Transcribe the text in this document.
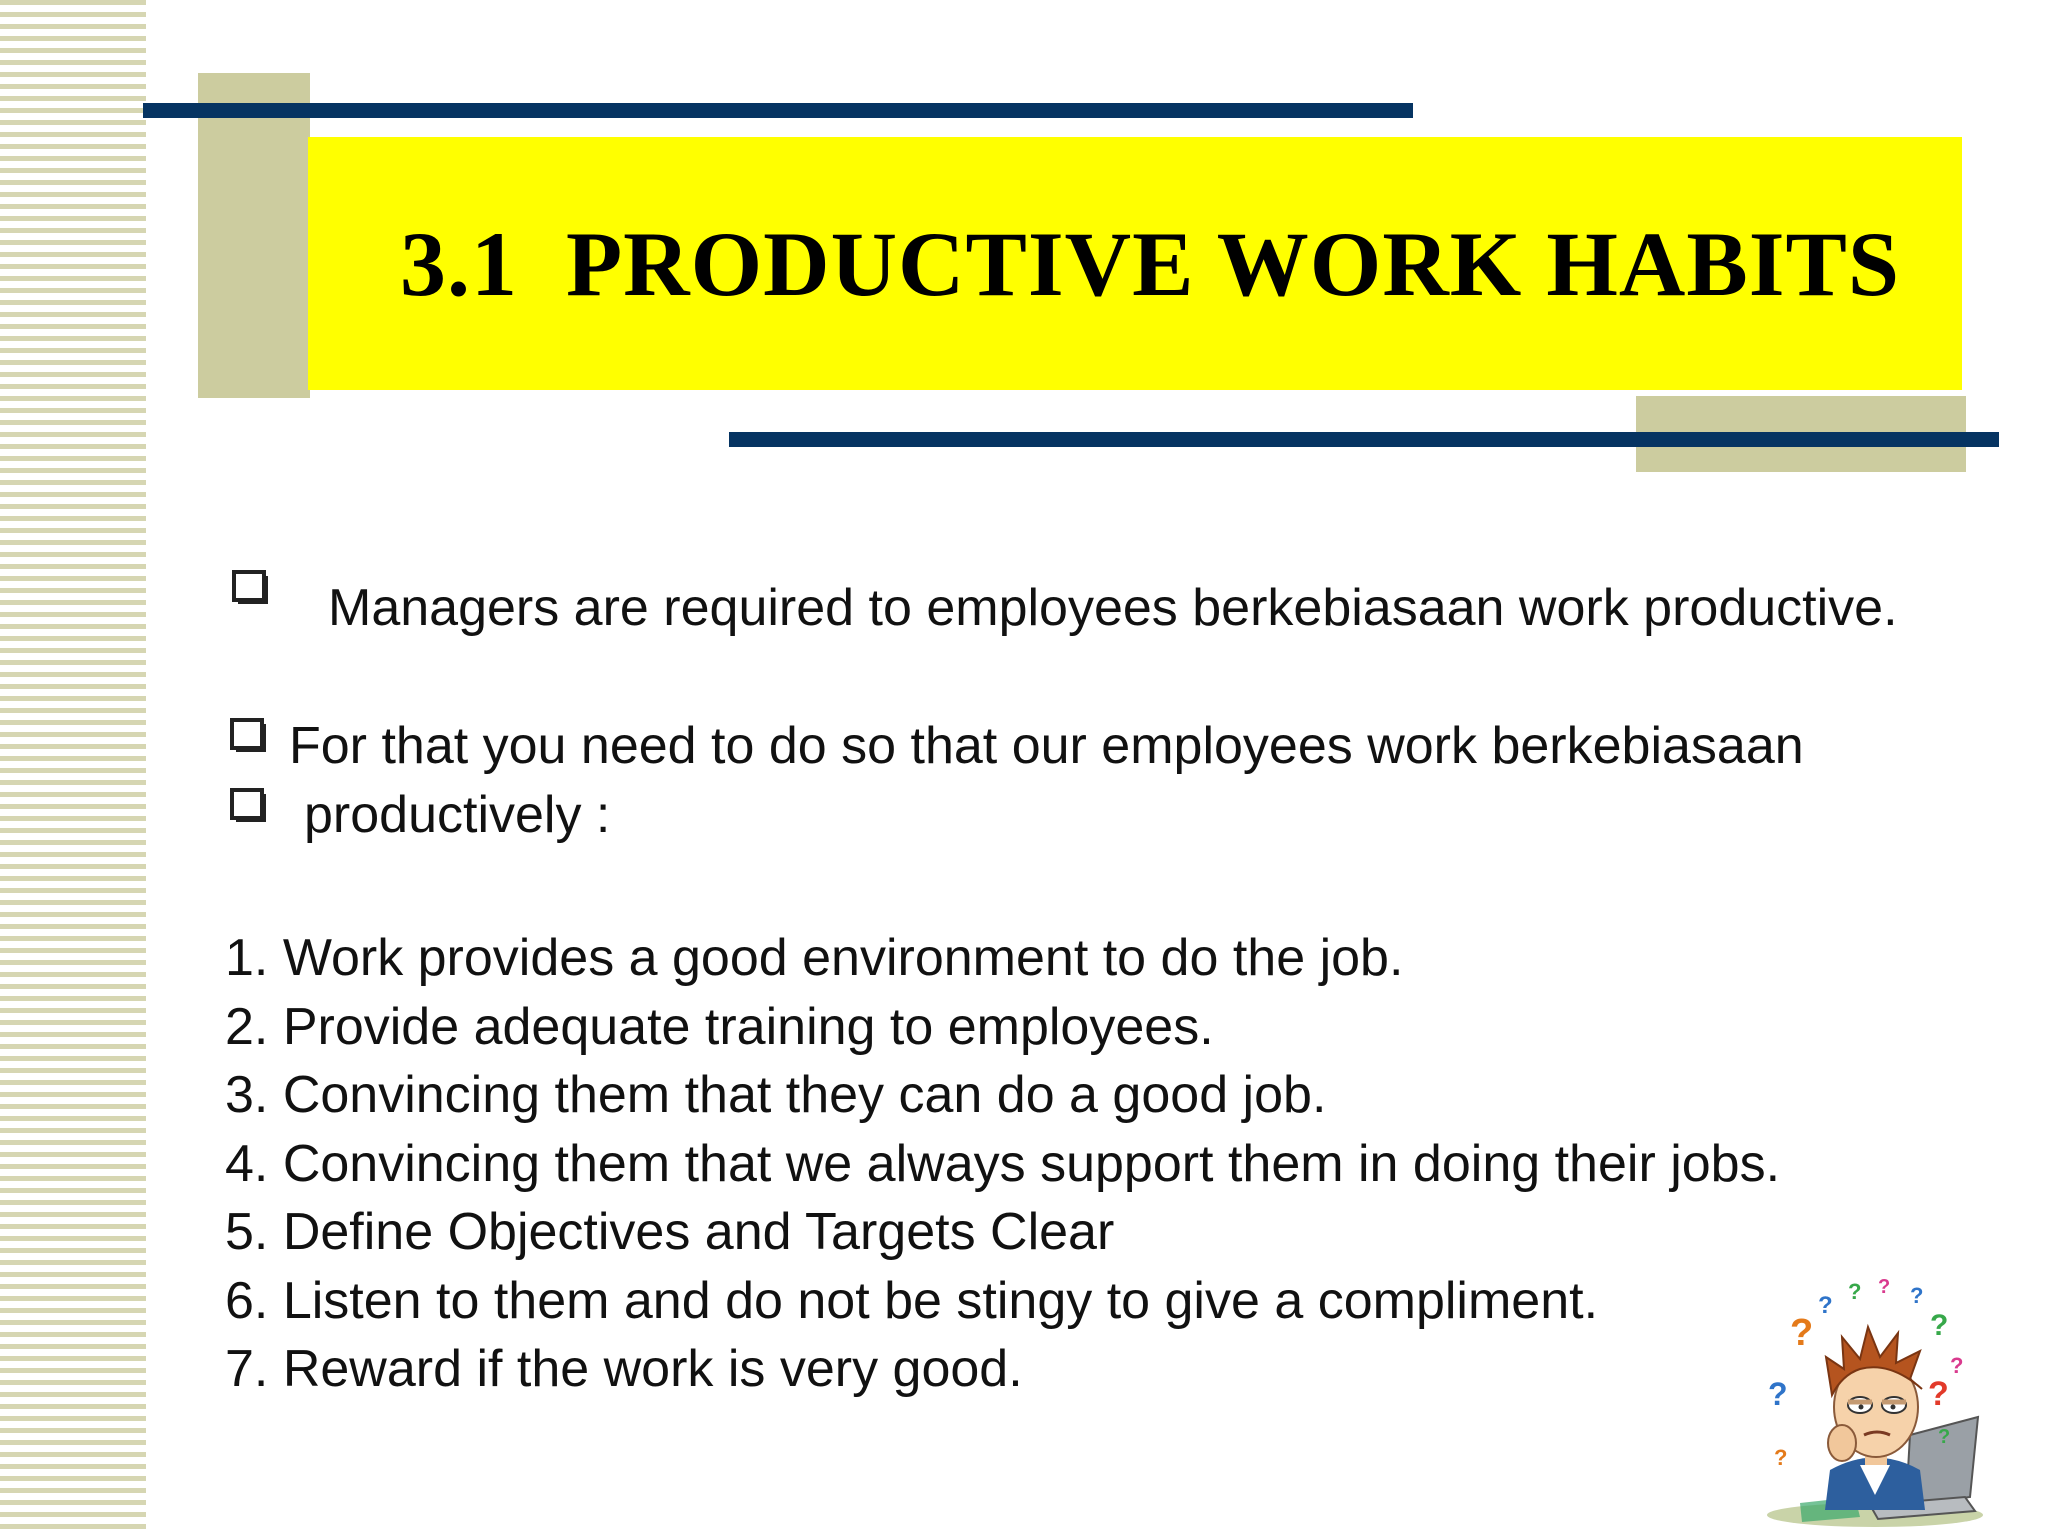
3.1  PRODUCTIVE WORK HABITS
Managers are required to employees berkebiasaan work productive.
For that you need to do so that our employees work berkebiasaan
productively :
1. Work provides a good environment to do the job.
2. Provide adequate training to employees.
3. Convincing them that they can do a good job.
4. Convincing them that we always support them in doing their jobs.
5. Define Objectives and Targets Clear
6. Listen to them and do not be stingy to give a compliment.
7. Reward if the work is very good.
?
?
? ? ?
?
?
?
?
?
?
